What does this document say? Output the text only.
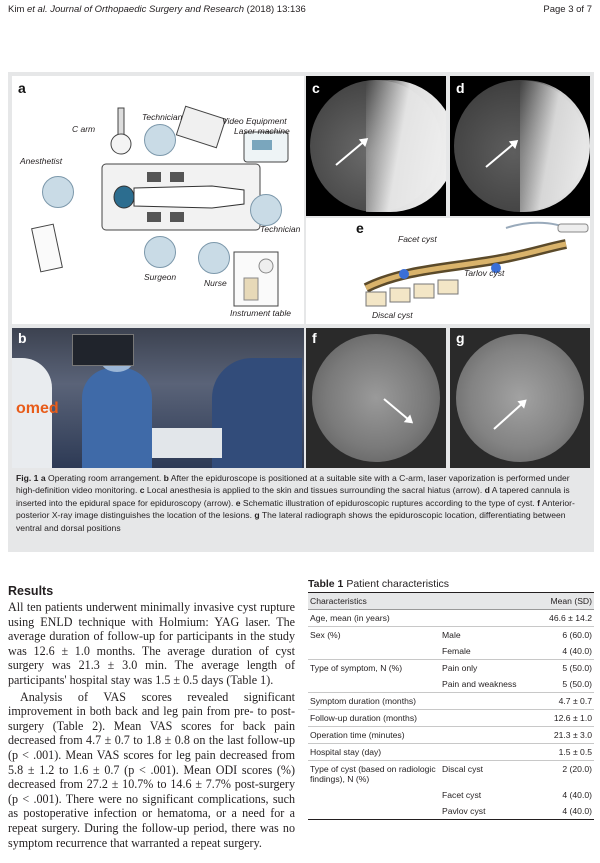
Kim et al. Journal of Orthopaedic Surgery and Research (2018) 13:136	Page 3 of 7
a
C arm
Technician	Video Equipment
Laser machine
Anesthetist
Technician
Surgeon
Nurse
Instrument table
c	d
e
Facet cyst
Tarlov cyst
Discal cyst
omed
b	f	g
Fig. 1 a Operating room arrangement. b After the epiduroscope is positioned at a suitable site with a C-arm, laser vaporization is performed under high-definition video monitoring. c Local anesthesia is applied to the skin and tissues surrounding the sacral hiatus (arrow). d A tapered cannula is inserted into the epidural space for epiduroscopy (arrow). e Schematic illustration of epiduroscopic ruptures according to the type of cyst. f Anterior-posterior X-ray image distinguishes the location of the lesions. g The lateral radiograph shows the epiduroscopic location, differentiating between ventral and dorsal positions
Results

All ten patients underwent minimally invasive cyst rupture using ENLD technique with Holmium: YAG laser. The average duration of follow-up for participants in the study was 12.6 ± 1.0 months. The average duration of cyst surgery was 21.3 ± 3.0 min. The average length of participants' hospital stay was 1.5 ± 0.5 days (Table 1).

Analysis of VAS scores revealed significant improvement in both back and leg pain from pre- to post-surgery (Table 2). Mean VAS scores for back pain decreased from 4.7 ± 0.7 to 1.8 ± 0.8 on the last follow-up (p < .001). Mean VAS scores for leg pain decreased from 5.8 ± 1.2 to 1.6 ± 0.7 (p < .001). Mean ODI scores (%) decreased from 27.2 ± 10.7% to 14.6 ± 7.7% post-surgery (p < .001). There were no significant complications, such as postoperative infection or hematoma, or a need for a repeat surgery. During the follow-up period, there was no symptom recurrence that warranted a repeat surgery.

Table 1 Patient characteristics
Characteristics		Mean (SD)
Age, mean (in years)		46.6 ± 14.2
Sex (%)	Male	6 (60.0)
	Female	4 (40.0)
Type of symptom, N (%)	Pain only	5 (50.0)
	Pain and weakness	5 (50.0)
Symptom duration (months)		4.7 ± 0.7
Follow-up duration (months)		12.6 ± 1.0
Operation time (minutes)		21.3 ± 3.0
Hospital stay (day)		1.5 ± 0.5
Type of cyst (based on radiologic findings), N (%)	Discal cyst	2 (20.0)
	Facet cyst	4 (40.0)
	Pavlov cyst	4 (40.0)
